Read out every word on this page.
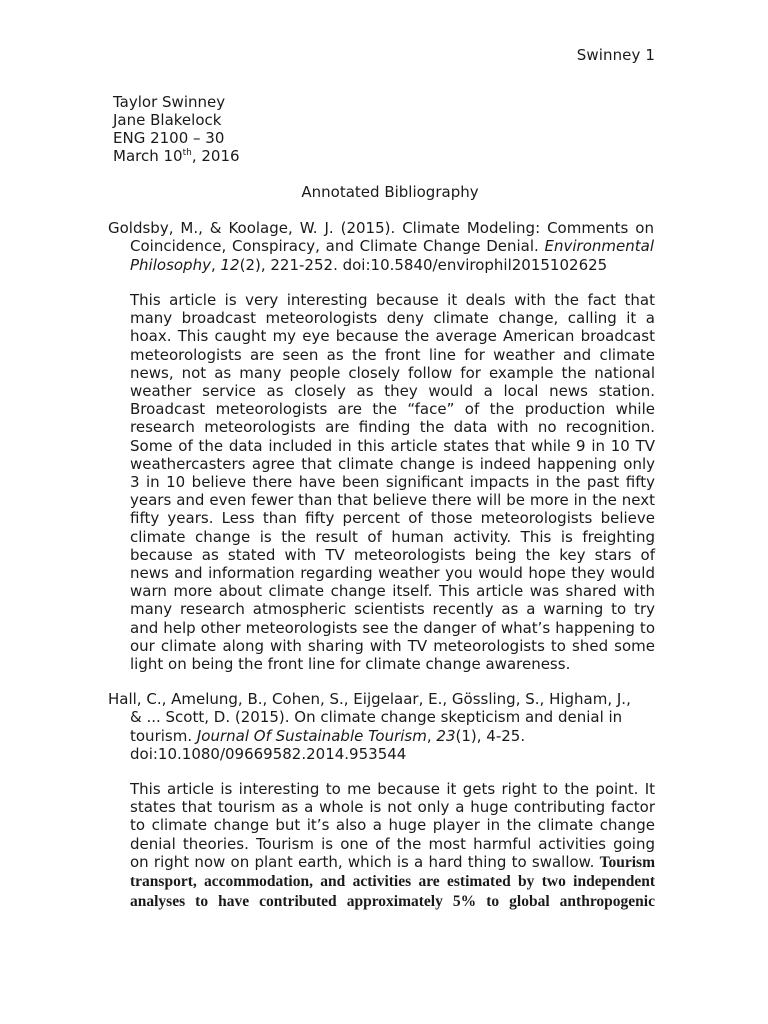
Swinney 1
Taylor Swinney
Jane Blakelock
ENG 2100 – 30
March 10th, 2016
Annotated Bibliography
Goldsby, M., & Koolage, W. J. (2015). Climate Modeling: Comments on
Coincidence, Conspiracy, and Climate Change Denial. Environmental
Philosophy, 12(2), 221-252. doi:10.5840/envirophil2015102625
This article is very interesting because it deals with the fact that
many broadcast meteorologists deny climate change, calling it a
hoax. This caught my eye because the average American broadcast
meteorologists are seen as the front line for weather and climate
news, not as many people closely follow for example the national
weather service as closely as they would a local news station.
Broadcast meteorologists are the “face” of the production while
research meteorologists are finding the data with no recognition.
Some of the data included in this article states that while 9 in 10 TV
weathercasters agree that climate change is indeed happening only
3 in 10 believe there have been significant impacts in the past fifty
years and even fewer than that believe there will be more in the next
fifty years. Less than fifty percent of those meteorologists believe
climate change is the result of human activity. This is freighting
because as stated with TV meteorologists being the key stars of
news and information regarding weather you would hope they would
warn more about climate change itself. This article was shared with
many research atmospheric scientists recently as a warning to try
and help other meteorologists see the danger of what’s happening to
our climate along with sharing with TV meteorologists to shed some
light on being the front line for climate change awareness.
Hall, C., Amelung, B., Cohen, S., Eijgelaar, E., Gössling, S., Higham, J.,
& ... Scott, D. (2015). On climate change skepticism and denial in
tourism. Journal Of Sustainable Tourism, 23(1), 4-25.
doi:10.1080/09669582.2014.953544
This article is interesting to me because it gets right to the point. It
states that tourism as a whole is not only a huge contributing factor
to climate change but it’s also a huge player in the climate change
denial theories. Tourism is one of the most harmful activities going
on right now on plant earth, which is a hard thing to swallow. Tourism
transport, accommodation, and activities are estimated by two independent
analyses to have contributed approximately 5% to global anthropogenic
